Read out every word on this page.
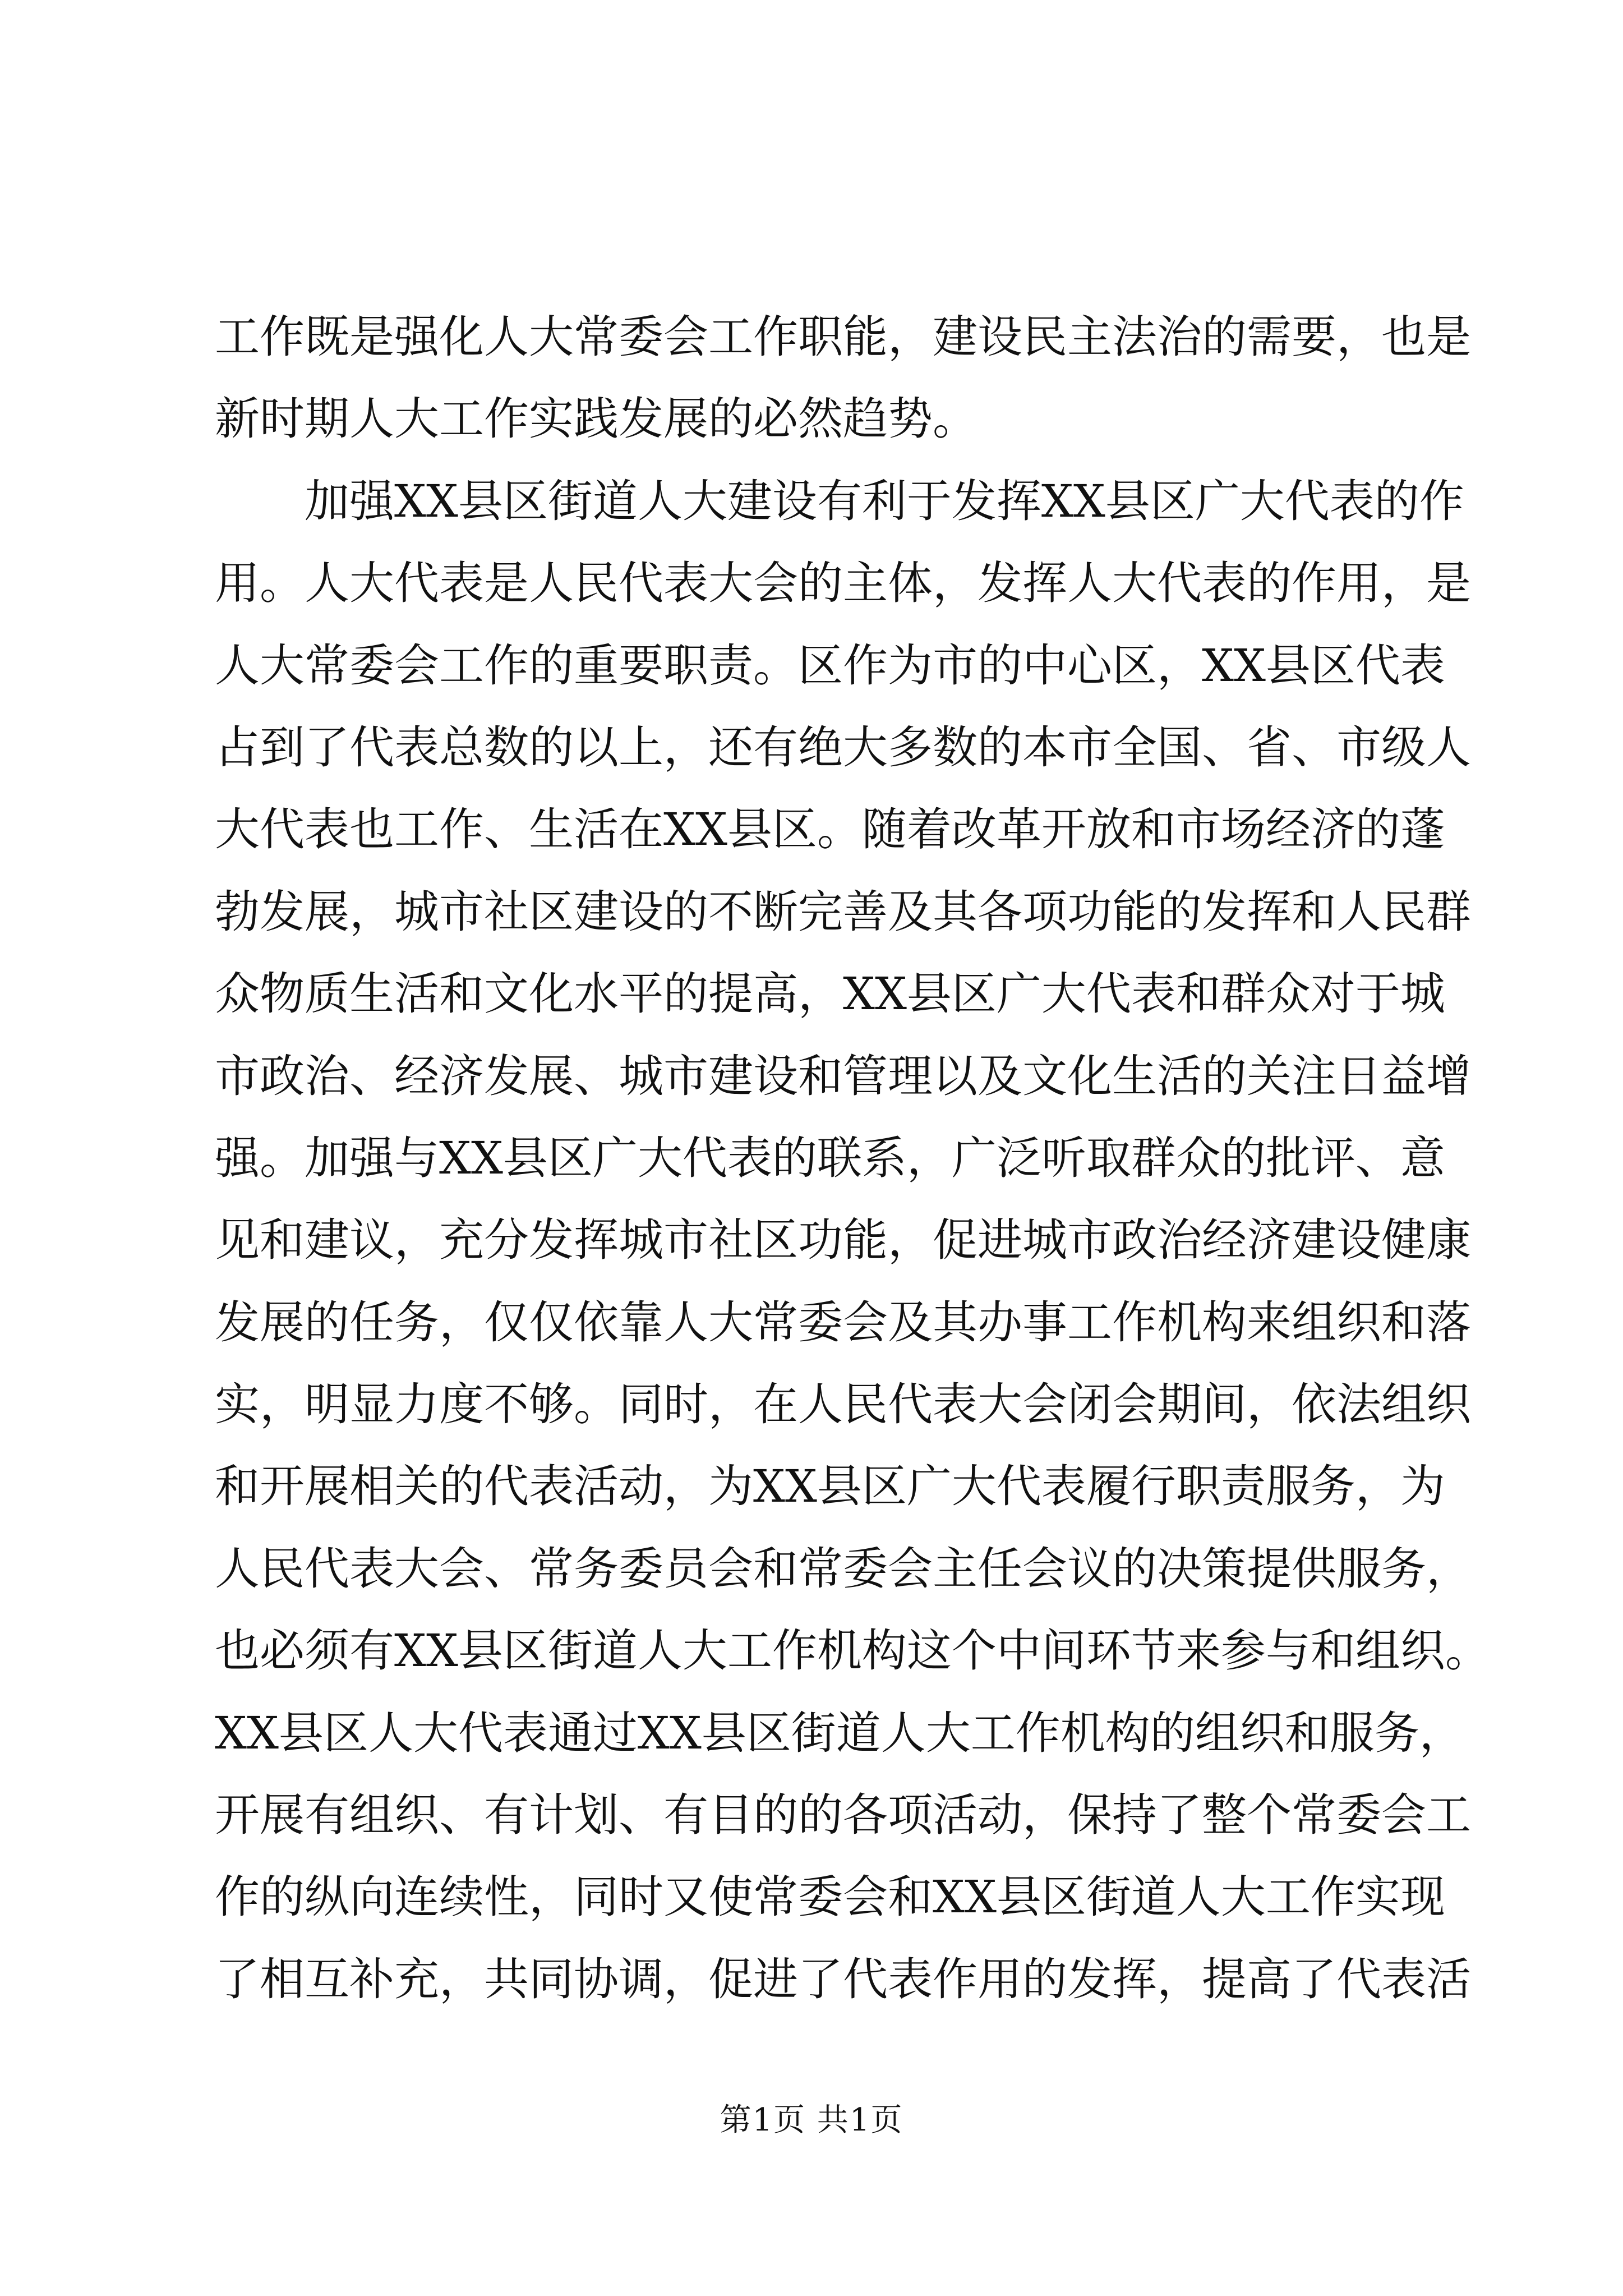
工作既是强化人大常委会工作职能，建设民主法治的需要，也是
新时期人大工作实践发展的必然趋势。
加强XX县区街道人大建设有利于发挥XX县区广大代表的作
用。人大代表是人民代表大会的主体，发挥人大代表的作用，是
人大常委会工作的重要职责。区作为市的中心区，XX县区代表
占到了代表总数的以上，还有绝大多数的本市全国、省、市级人
大代表也工作、生活在XX县区。随着改革开放和市场经济的蓬
勃发展，城市社区建设的不断完善及其各项功能的发挥和人民群
众物质生活和文化水平的提高，XX县区广大代表和群众对于城
市政治、经济发展、城市建设和管理以及文化生活的关注日益增
强。加强与XX县区广大代表的联系，广泛听取群众的批评、意
见和建议，充分发挥城市社区功能，促进城市政治经济建设健康
发展的任务，仅仅依靠人大常委会及其办事工作机构来组织和落
实，明显力度不够。同时，在人民代表大会闭会期间，依法组织
和开展相关的代表活动，为XX县区广大代表履行职责服务，为
人民代表大会、常务委员会和常委会主任会议的决策提供服务，
也必须有XX县区街道人大工作机构这个中间环节来参与和组织。
XX县区人大代表通过XX县区街道人大工作机构的组织和服务，
开展有组织、有计划、有目的的各项活动，保持了整个常委会工
作的纵向连续性，同时又使常委会和XX县区街道人大工作实现
了相互补充，共同协调，促进了代表作用的发挥，提高了代表活
第1页 共1页
